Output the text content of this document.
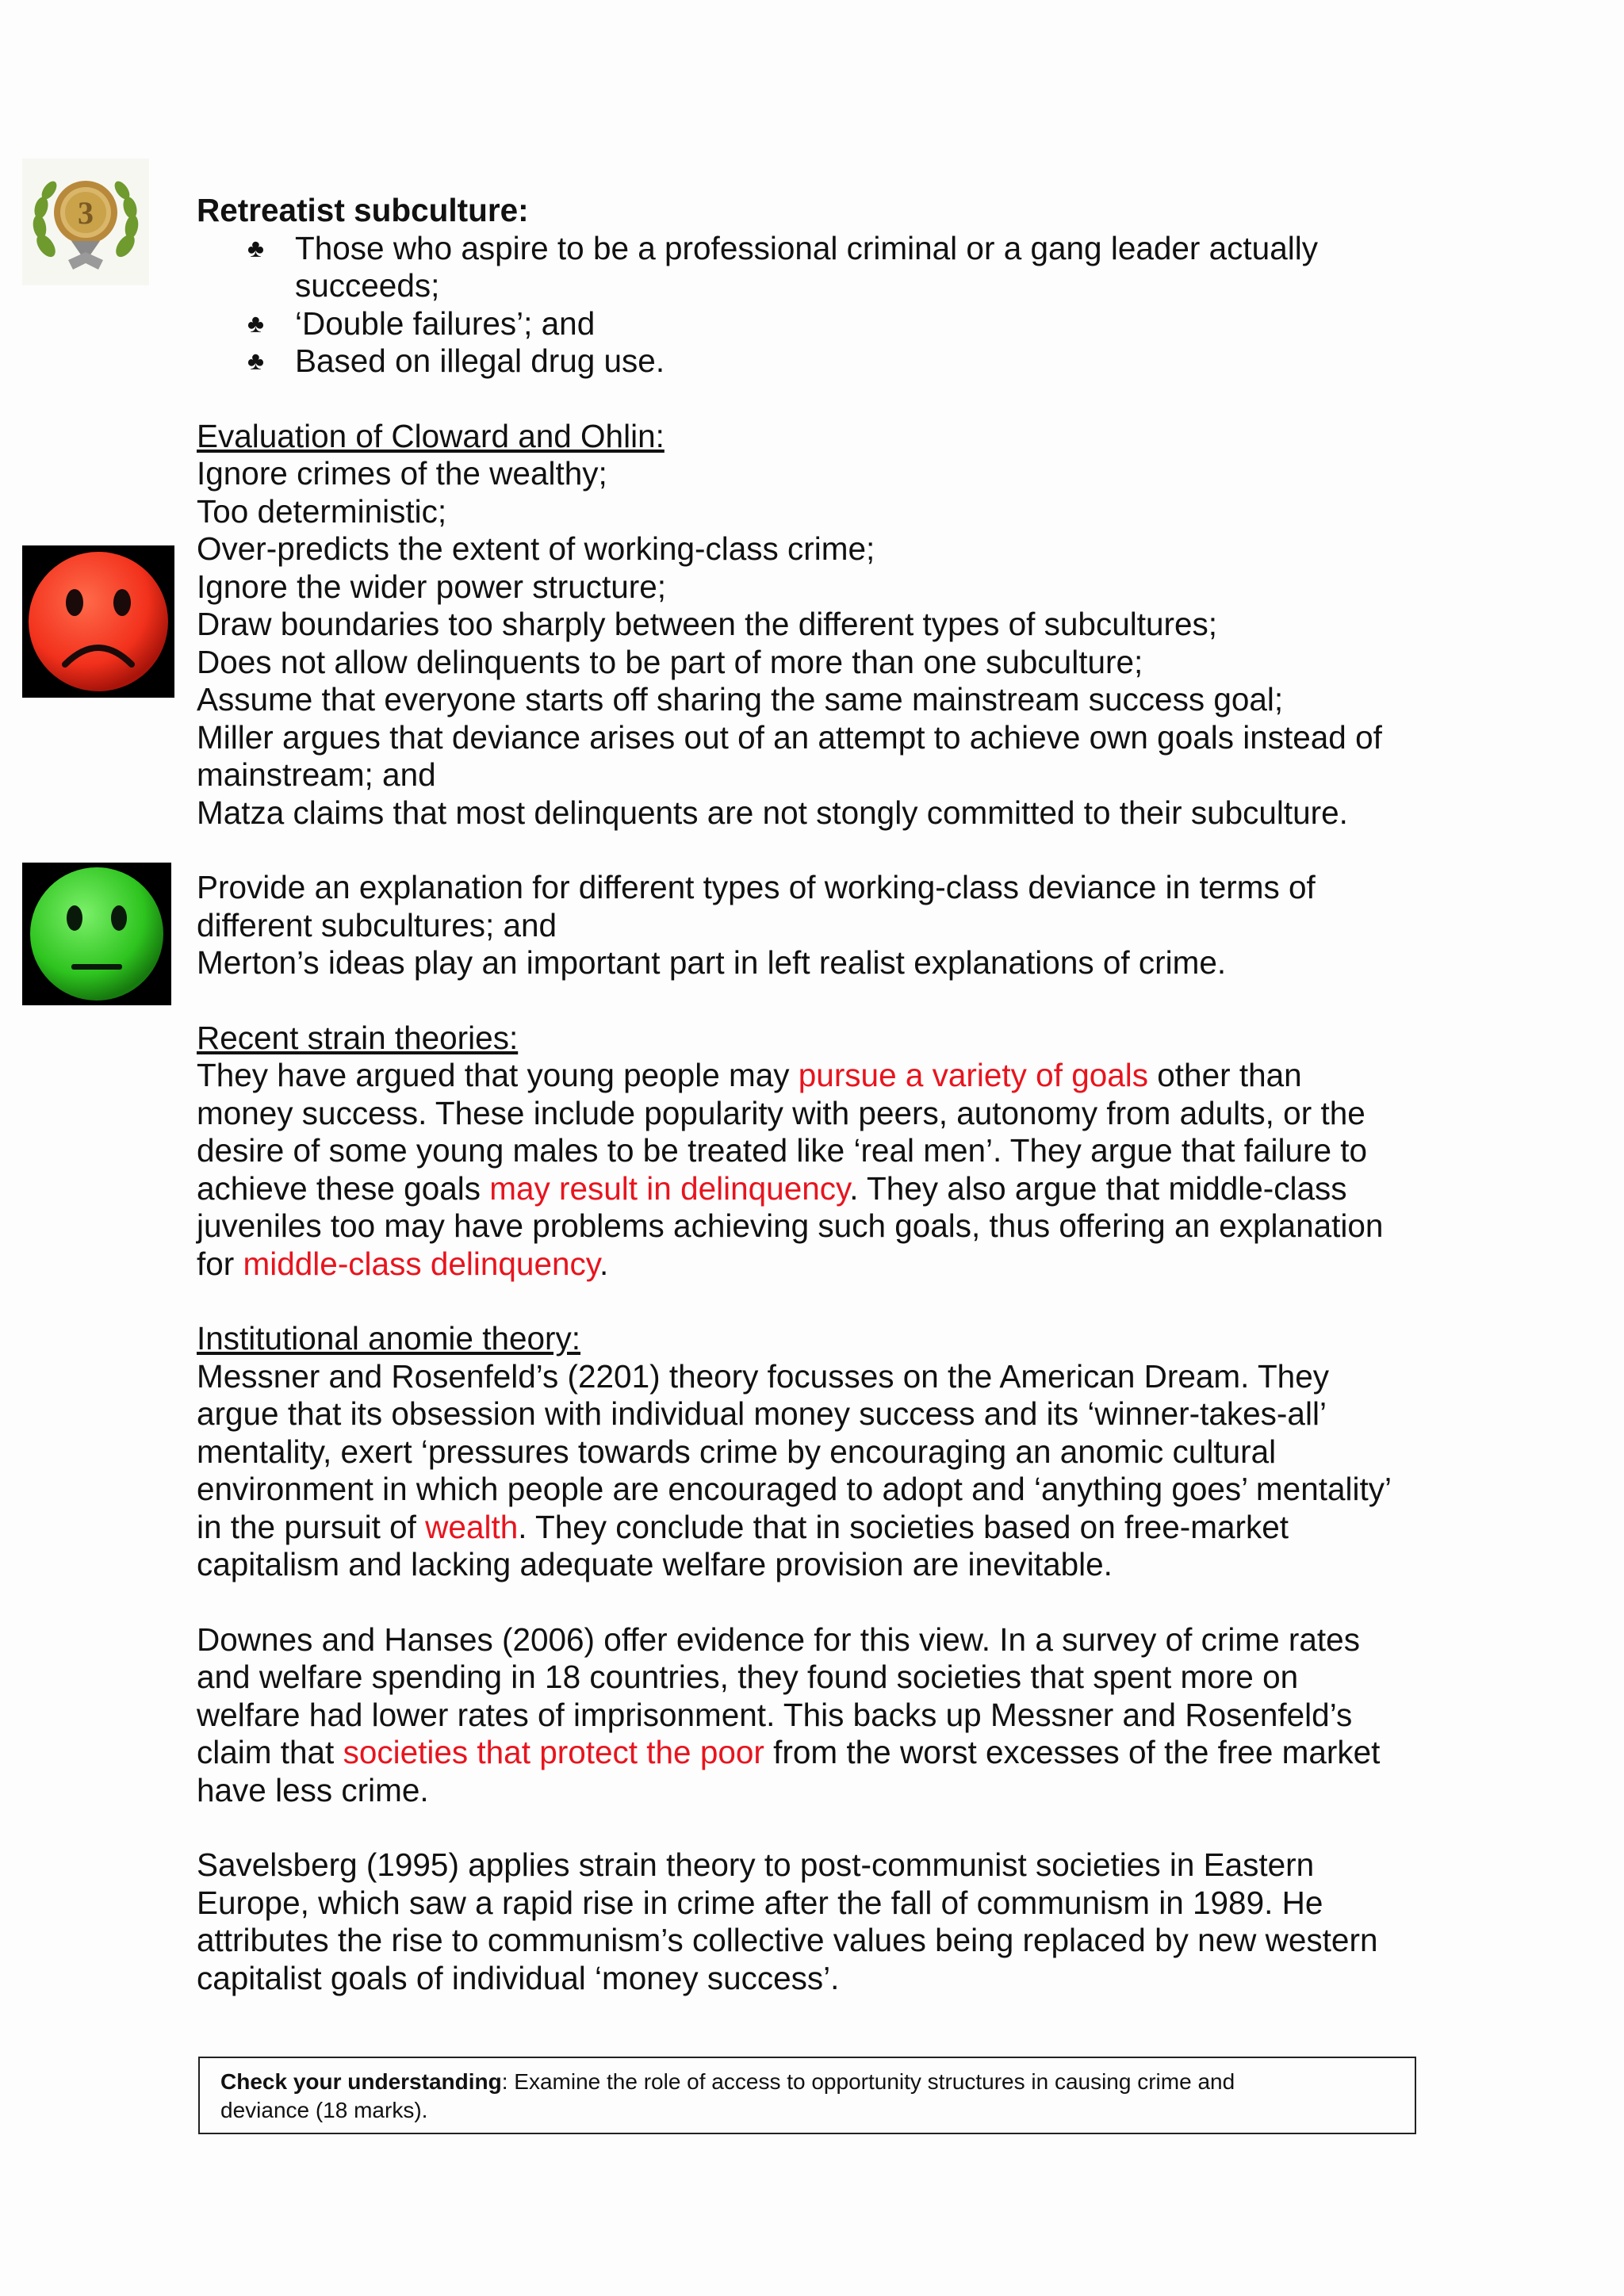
3	Retreatist subculture:
♣ Those who aspire to be a professional criminal or a gang leader actually succeeds;
♣ ‘Double failures’; and
♣ Based on illegal drug use.
Evaluation of Cloward and Ohlin:
Ignore crimes of the wealthy;
Too deterministic;
Over-predicts the extent of working-class crime;
Ignore the wider power structure;
Draw boundaries too sharply between the different types of subcultures;
Does not allow delinquents to be part of more than one subculture;
Assume that everyone starts off sharing the same mainstream success goal;
Miller argues that deviance arises out of an attempt to achieve own goals instead of
mainstream; and
Matza claims that most delinquents are not stongly committed to their subculture.
Provide an explanation for different types of working-class deviance in terms of
different subcultures; and
Merton’s ideas play an important part in left realist explanations of crime.
Recent strain theories:
They have argued that young people may pursue a variety of goals other than
money success. These include popularity with peers, autonomy from adults, or the
desire of some young males to be treated like ‘real men’. They argue that failure to
achieve these goals may result in delinquency. They also argue that middle-class
juveniles too may have problems achieving such goals, thus offering an explanation
for middle-class delinquency.
Institutional anomie theory:
Messner and Rosenfeld’s (2201) theory focusses on the American Dream. They
argue that its obsession with individual money success and its ‘winner-takes-all’
mentality, exert ‘pressures towards crime by encouraging an anomic cultural
environment in which people are encouraged to adopt and ‘anything goes’ mentality’
in the pursuit of wealth. They conclude that in societies based on free-market
capitalism and lacking adequate welfare provision are inevitable.
Downes and Hanses (2006) offer evidence for this view. In a survey of crime rates
and welfare spending in 18 countries, they found societies that spent more on
welfare had lower rates of imprisonment. This backs up Messner and Rosenfeld’s
claim that societies that protect the poor from the worst excesses of the free market
have less crime.
Savelsberg (1995) applies strain theory to post-communist societies in Eastern
Europe, which saw a rapid rise in crime after the fall of communism in 1989. He
attributes the rise to communism’s collective values being replaced by new western
capitalist goals of individual ‘money success’.
Check your understanding: Examine the role of access to opportunity structures in causing crime and
deviance (18 marks).
